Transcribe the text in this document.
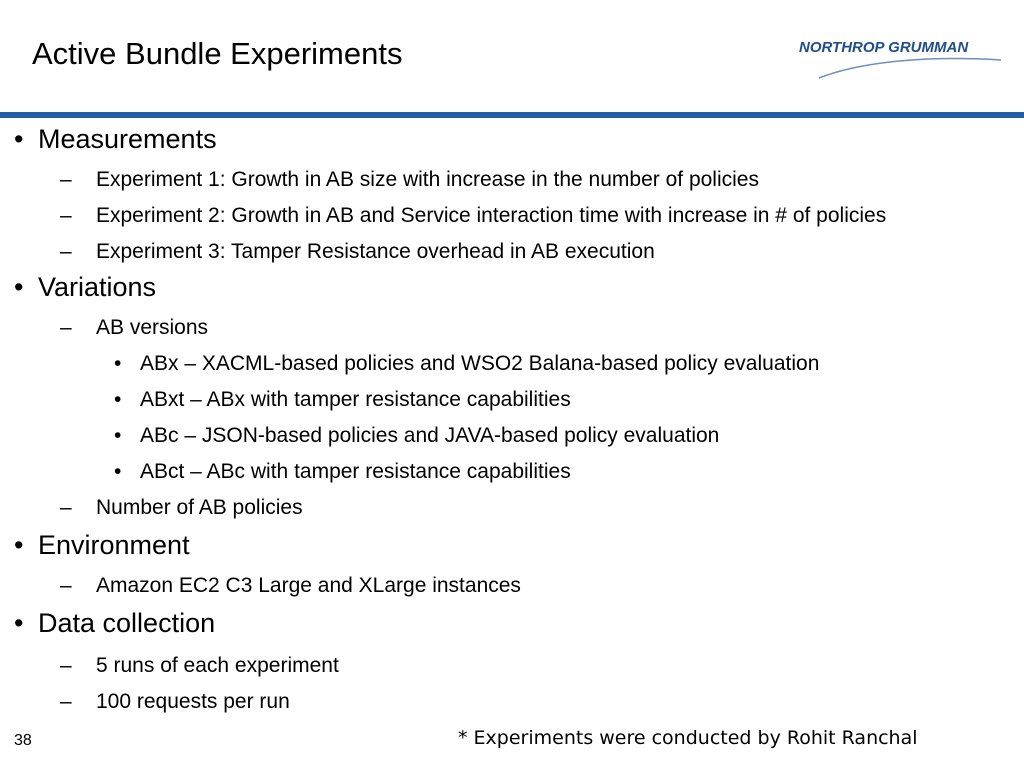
Active Bundle Experiments	NORTHROP GRUMMAN
• Measurements
– Experiment 1: Growth in AB size with increase in the number of policies
– Experiment 2: Growth in AB and Service interaction time with increase in # of policies
– Experiment 3: Tamper Resistance overhead in AB execution
• Variations
– AB versions
• ABx – XACML-based policies and WSO2 Balana-based policy evaluation
• ABxt – ABx with tamper resistance capabilities
• ABc – JSON-based policies and JAVA-based policy evaluation
• ABct – ABc with tamper resistance capabilities
– Number of AB policies
• Environment
– Amazon EC2 C3 Large and XLarge instances
• Data collection
– 5 runs of each experiment
– 100 requests per run
* Experiments were conducted by Rohit Ranchal
38
